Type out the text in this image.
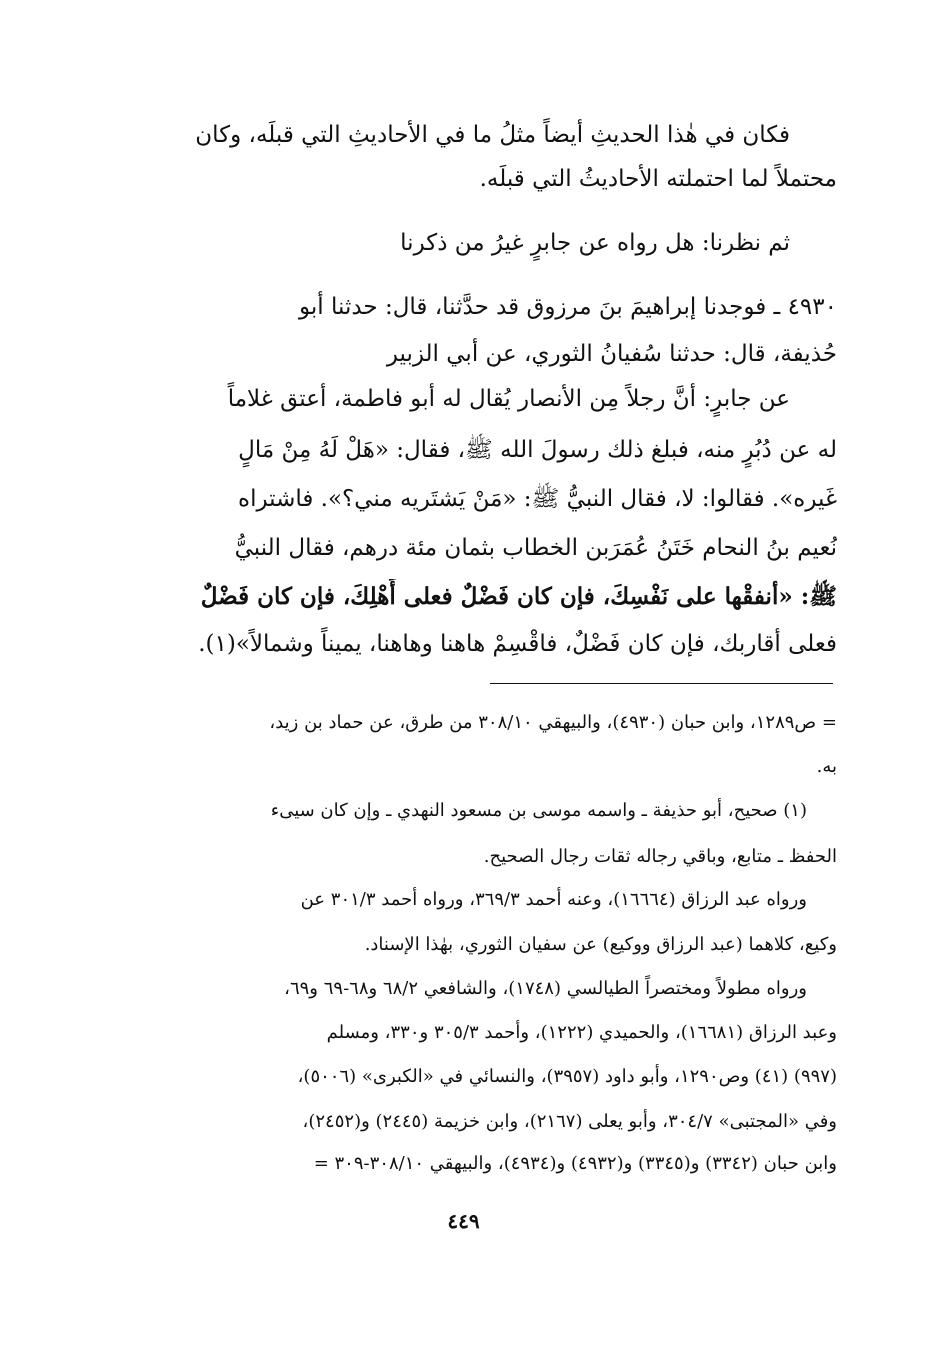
فكان في هٰذا الحديثِ أيضاً مثلُ ما في الأحاديثِ التي قبلَه، وكان
محتملاً لما احتملته الأحاديثُ التي قبلَه.
ثم نظرنا: هل رواه عن جابرٍ غيرُ من ذكرنا
٤٩٣٠ ـ فوجدنا إبراهيمَ بنَ مرزوق قد حدَّثنا، قال: حدثنا أبو
حُذيفة، قال: حدثنا سُفيانُ الثوري، عن أبي الزبير
عن جابرٍ: أنَّ رجلاً مِن الأنصار يُقال له أبو فاطمة، أعتق غلاماً
له عن دُبُرٍ منه، فبلغ ذلك رسولَ الله ﷺ، فقال: «هَلْ لَهُ مِنْ مَالٍ
غَيره». فقالوا: لا، فقال النبيُّ ﷺ: «مَنْ يَشتَريه مني؟». فاشتراه
نُعيم بنُ النحام خَتَنُ عُمَرَبن الخطاب بثمان مئة درهم، فقال النبيُّ
ﷺ: «أنفقْها على نَفْسِكَ، فإن كان فَضْلٌ فعلى أَهْلِكَ، فإن كان فَضْلٌ
فعلى أقاربك، فإن كان فَضْلٌ، فاقْسِمْ هاهنا وهاهنا، يميناً وشمالاً»(١).
= ص١٢٨٩، وابن حبان (٤٩٣٠)، والبيهقي ٣٠٨/١٠ من طرق، عن حماد بن زيد،
به.
(١) صحيح، أبو حذيفة ـ واسمه موسى بن مسعود النهدي ـ وإن كان سيىء
الحفظ ـ متابع، وباقي رجاله ثقات رجال الصحيح.
ورواه عبد الرزاق (١٦٦٦٤)، وعنه أحمد ٣٦٩/٣، ورواه أحمد ٣٠١/٣ عن
وكيع، كلاهما (عبد الرزاق ووكيع) عن سفيان الثوري، بهٰذا الإسناد.
ورواه مطولاً ومختصراً الطيالسي (١٧٤٨)، والشافعي ٦٨/٢ و٦٨-٦٩ و٦٩،
وعبد الرزاق (١٦٦٨١)، والحميدي (١٢٢٢)، وأحمد ٣٠٥/٣ و٣٣٠، ومسلم
(٩٩٧) (٤١) وص١٢٩٠، وأبو داود (٣٩٥٧)، والنسائي في «الكبرى» (٥٠٠٦)،
وفي «المجتبى» ٣٠٤/٧، وأبو يعلى (٢١٦٧)، وابن خزيمة (٢٤٤٥) و(٢٤٥٢)،
وابن حبان (٣٣٤٢) و(٣٣٤٥) و(٤٩٣٢) و(٤٩٣٤)، والبيهقي ٣٠٨/١٠-٣٠٩ =
٤٤٩
